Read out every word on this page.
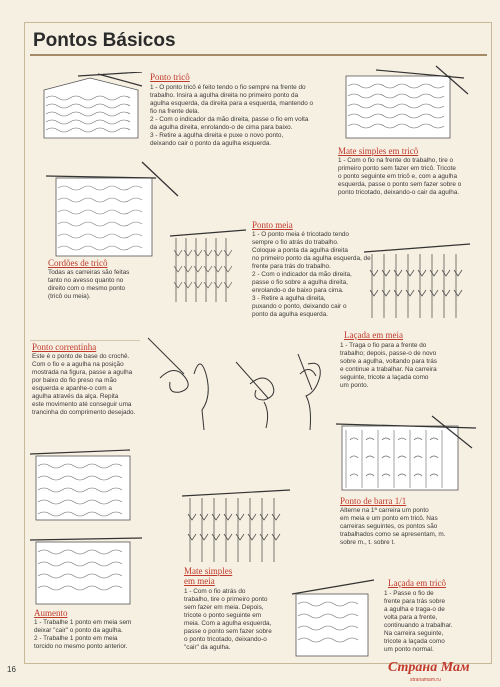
Pontos Básicos
Ponto tricô

1 - O ponto tricô é feito tendo o fio sempre na frente do

trabalho. Insira a agulha direita no primeiro ponto da

agulha esquerda, da direita para a esquerda, mantendo o

fio na frente dela.

2 - Com o indicador da mão direita, passe o fio em volta

da agulha direita, enrolando-o de cima para baixo.

3 - Retire a agulha direita e puxe o novo ponto,

deixando cair o ponto da agulha esquerda.

Mate simples em tricô

1 - Com o fio na frente do trabalho, tire o

primeiro ponto sem fazer em tricô. Tricote

o ponto seguinte em tricô e, com a agulha

esquerda, passe o ponto sem fazer sobre o

ponto tricotado, deixando-o cair da agulha.

Cordões de tricô

Todas as carreiras são feitas

tanto no avesso quanto no

direito com o mesmo ponto

(tricô ou meia).

Ponto meia

1 - O ponto meia é tricotado tendo

sempre o fio atrás do trabalho.

Coloque a ponta da agulha direita

no primeiro ponto da agulha esquerda, de

frente para trás do trabalho.

2 - Com o indicador da mão direita,

passe o fio sobre a agulha direita,

enrolando-o de baixo para cima.

3 - Retire a agulha direita,

puxando o ponto, deixando cair o

ponto da agulha esquerda.

Laçada em meia

1 - Traga o fio para a frente do

trabalho; depois, passe-o de novo

sobre a agulha, voltando para trás

e continue a trabalhar. Na carreira

seguinte, tricote a laçada como

um ponto.

Ponto correntinha

Este é o ponto de base do crochê.

Com o fio e a agulha na posição

mostrada na figura, passe a agulha

por baixo do fio preso na mão

esquerda e apanhe-o com a

agulha através da alça. Repita

este movimento até conseguir uma

trancinha do comprimento desejado.

Ponto de barra 1/1

Alterne na 1ª carreira um ponto

em meia e um ponto em tricô. Nas

carreiras seguintes, os pontos são

trabalhados como se apresentam, m.

sobre m., t. sobre t.

Aumento

1 - Trabalhe 1 ponto em meia sem

deixar "cair" o ponto da agulha.

2 - Trabalhe 1 ponto em meia

torcido no mesmo ponto anterior.

Mate simples
em meia

1 - Com o fio atrás do

trabalho, tire o primeiro ponto

sem fazer em meia. Depois,

tricote o ponto seguinte em

meia. Com a agulha esquerda,

passe o ponto sem fazer sobre

o ponto tricotado, deixando-o

"cair" da agulha.

Laçada em tricô

1 - Passe o fio de

frente para trás sobre

a agulha e traga-o de

volta para a frente,

continuando a trabalhar.

Na carreira seguinte,

tricote a laçada como

um ponto normal.

16	Страна Мам
stranamam.ru
